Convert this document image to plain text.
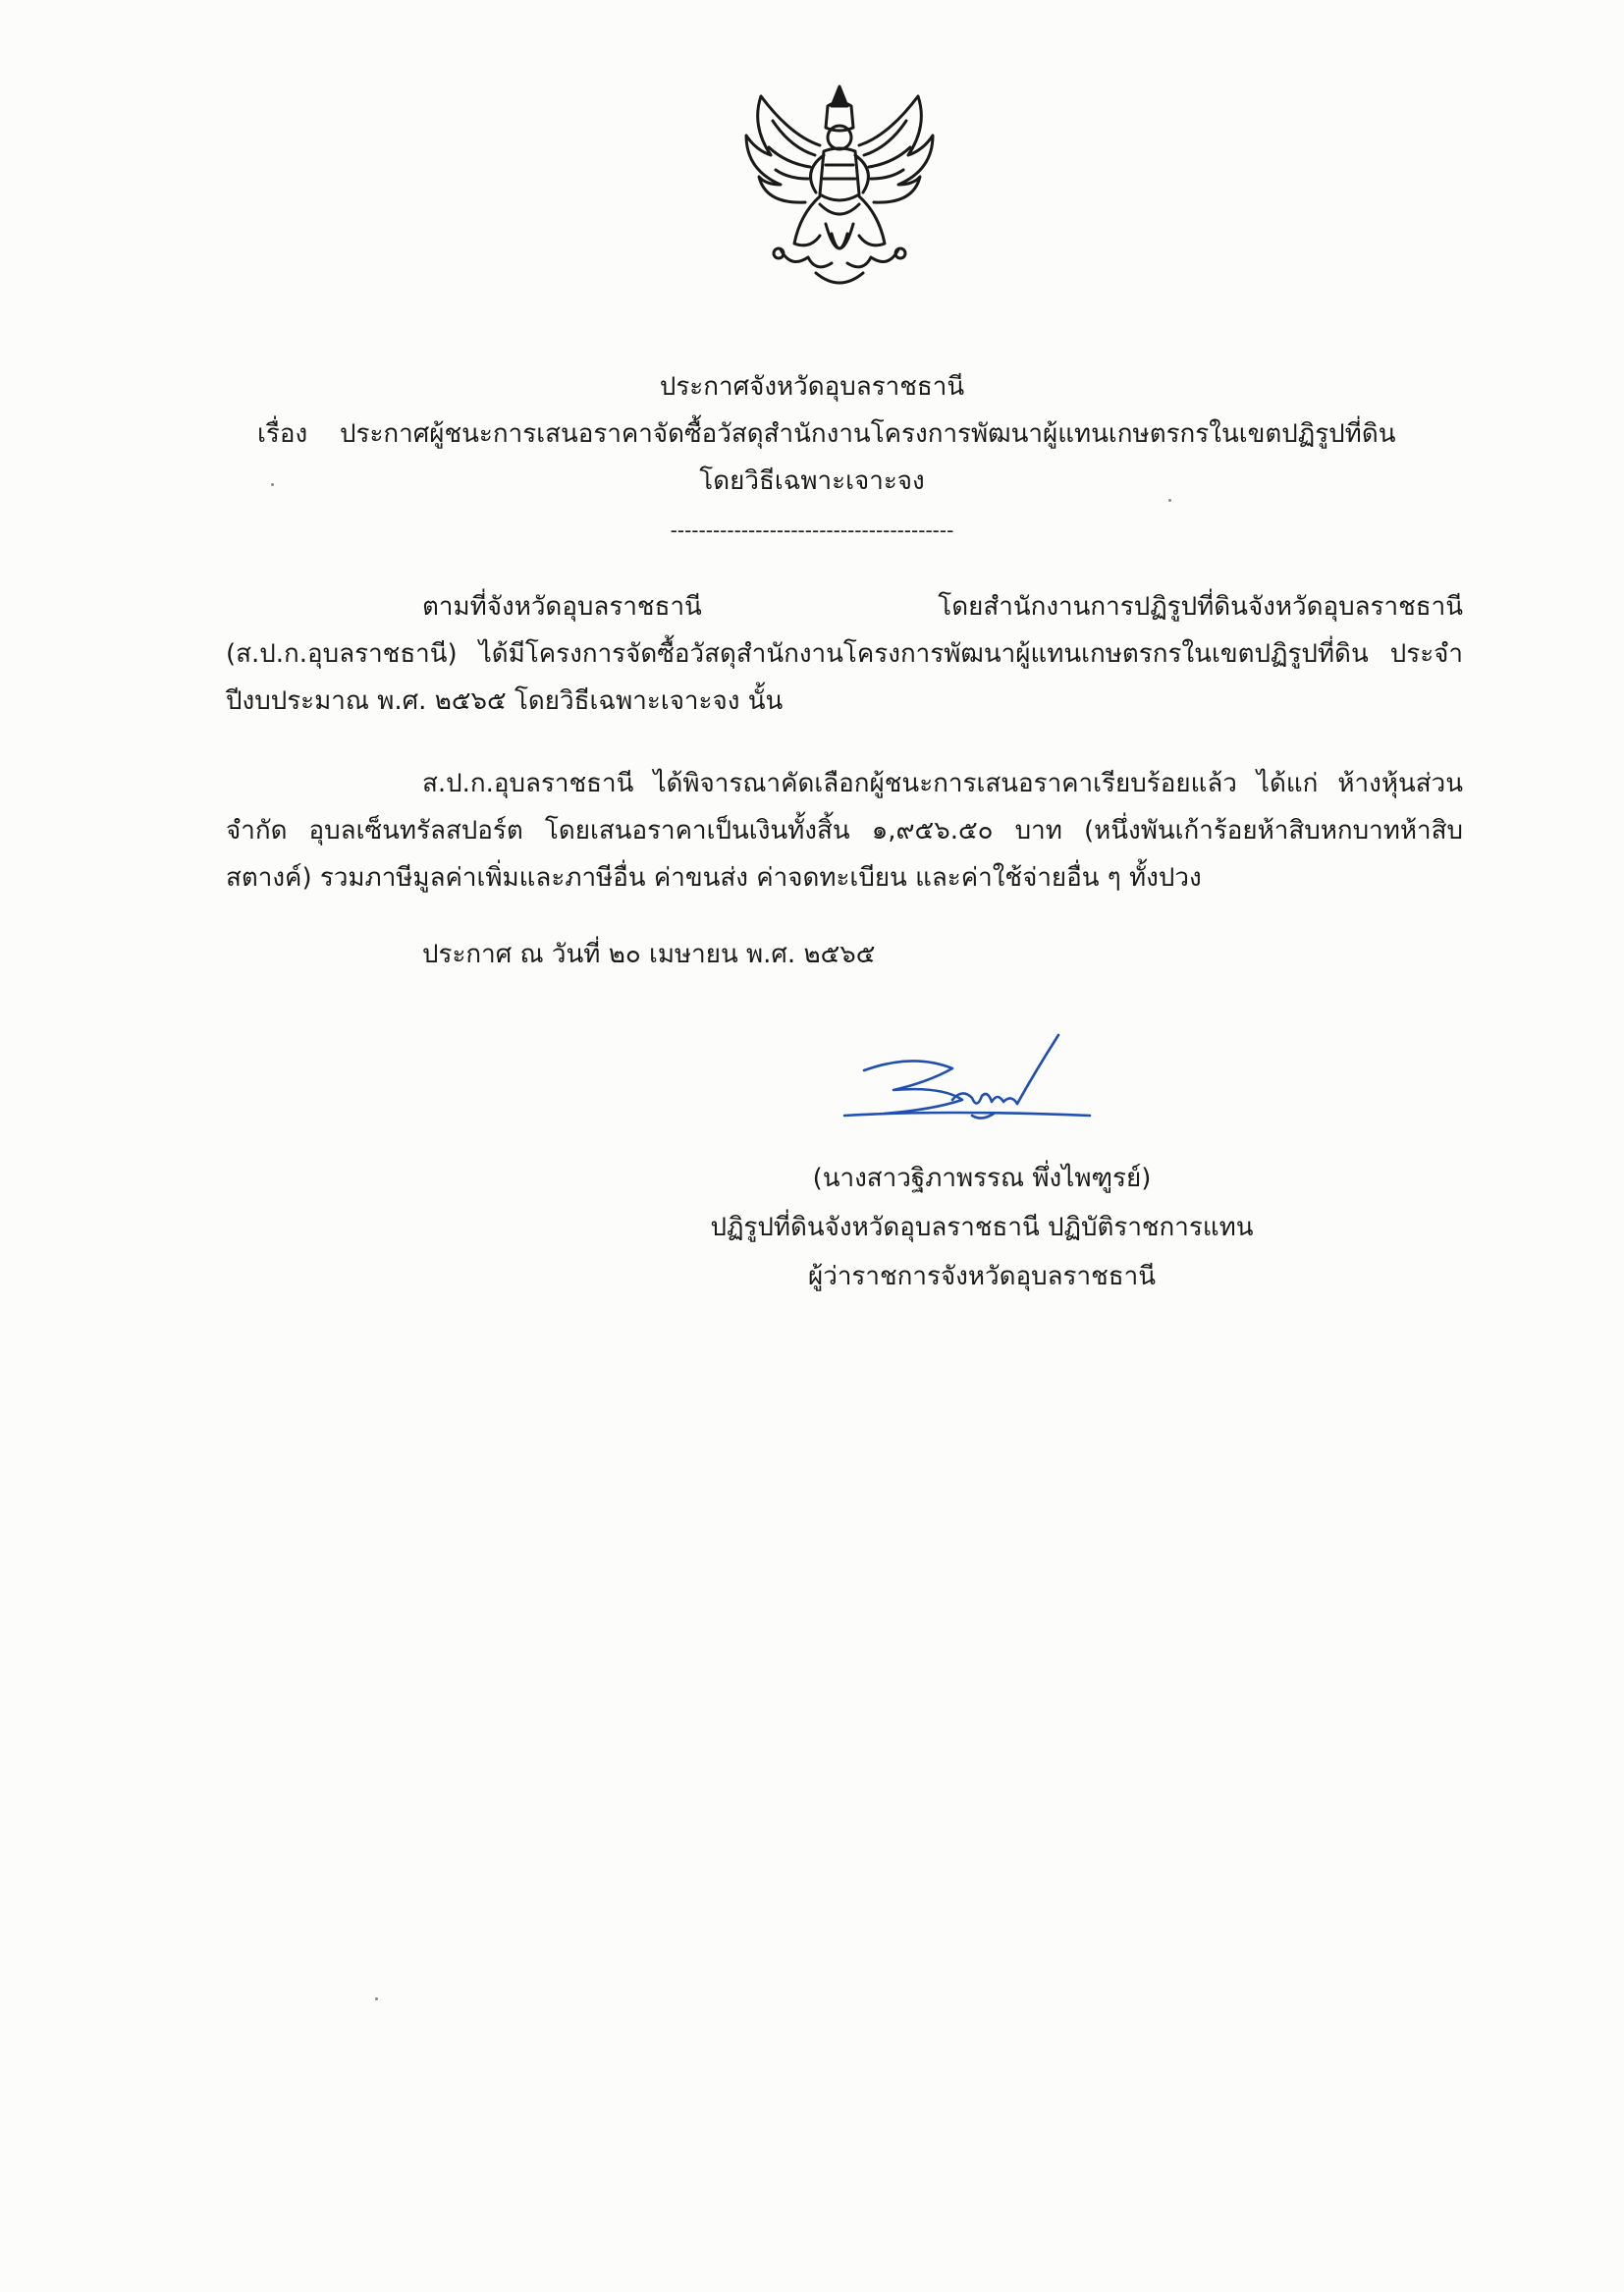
ประกาศจังหวัดอุบลราชธานี
เรื่อง ประกาศผู้ชนะการเสนอราคาจัดซื้อวัสดุสำนักงานโครงการพัฒนาผู้แทนเกษตรกรในเขตปฏิรูปที่ดิน
โดยวิธีเฉพาะเจาะจง
----------------------------------------

ตามที่จังหวัดอุบลราชธานี โดยสำนักงานการปฏิรูปที่ดินจังหวัดอุบลราชธานี (ส.ป.ก.อุบลราชธานี) ได้มีโครงการจัดซื้อวัสดุสำนักงานโครงการพัฒนาผู้แทนเกษตรกรในเขตปฏิรูปที่ดิน ประจำปีงบประมาณ พ.ศ. ๒๕๖๕ โดยวิธีเฉพาะเจาะจง นั้น

ส.ป.ก.อุบลราชธานี ได้พิจารณาคัดเลือกผู้ชนะการเสนอราคาเรียบร้อยแล้ว ได้แก่ ห้างหุ้นส่วนจำกัด อุบลเซ็นทรัลสปอร์ต โดยเสนอราคาเป็นเงินทั้งสิ้น ๑,๙๕๖.๕๐ บาท (หนึ่งพันเก้าร้อยห้าสิบหกบาทห้าสิบสตางค์) รวมภาษีมูลค่าเพิ่มและภาษีอื่น ค่าขนส่ง ค่าจดทะเบียน และค่าใช้จ่ายอื่น ๆ ทั้งปวง

ประกาศ ณ วันที่ ๒๐ เมษายน พ.ศ. ๒๕๖๕
(นางสาวฐิภาพรรณ พึ่งไพฑูรย์)
ปฏิรูปที่ดินจังหวัดอุบลราชธานี ปฏิบัติราชการแทน
ผู้ว่าราชการจังหวัดอุบลราชธานี
